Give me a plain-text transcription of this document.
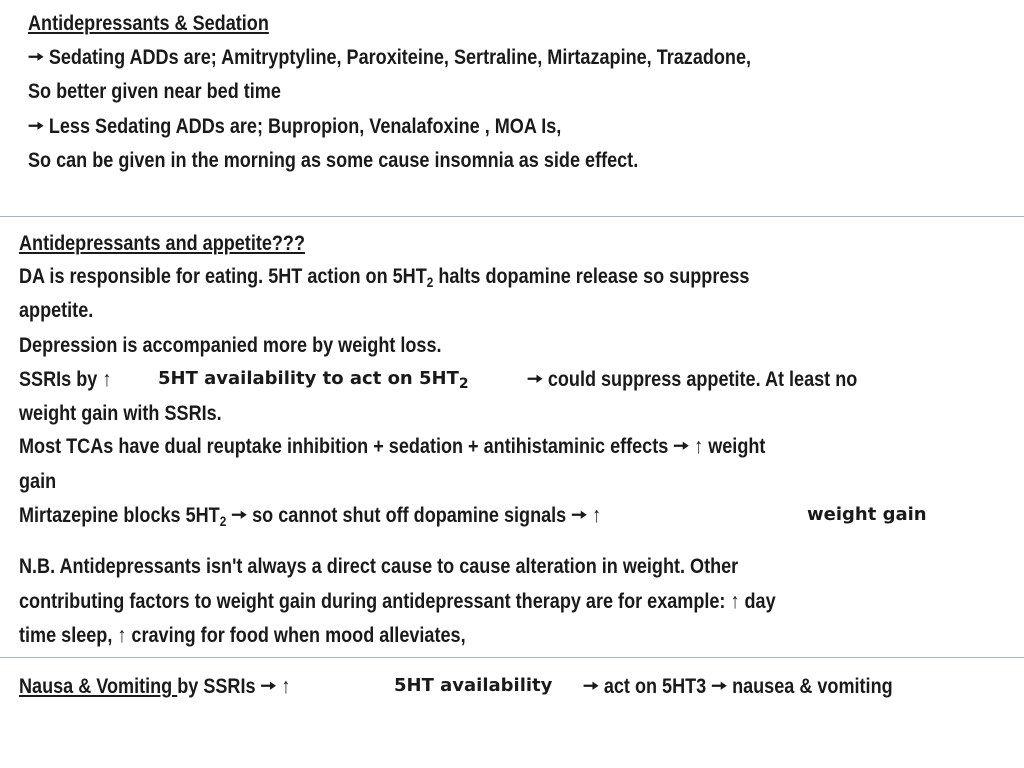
Antidepressants & Sedation
🠖 Sedating ADDs are; Amitryptyline, Paroxiteine, Sertraline, Mirtazapine, Trazadone,
So better given near bed time
🠖 Less Sedating ADDs are; Bupropion, Venalafoxine , MOA Is,
So can be given in the morning as some cause insomnia as side effect.
Antidepressants and appetite???
DA is responsible for eating. 5HT action on $5HT_2$ halts dopamine release so suppress
appetite.
Depression is accompanied more by weight loss.
SSRIs by ↑	5HT availability to act on $5HT_2$	🠖 could suppress appetite. At least no
weight gain with SSRIs.
Most TCAs have dual reuptake inhibition + sedation + antihistaminic effects 🠖 ↑ weight
gain
Mirtazepine blocks $5HT_2$ 🠖 so cannot shut off dopamine signals 🠖 ↑	weight gain
N.B. Antidepressants isn't always a direct cause to cause alteration in weight. Other
contributing factors to weight gain during antidepressant therapy are for example: ↑ day
time sleep, ↑ craving for food when mood alleviates,
Nausa & Vomiting by SSRIs 🠖 ↑	5HT availability 🠖 act on 5HT3 🠖 nausea & vomiting
